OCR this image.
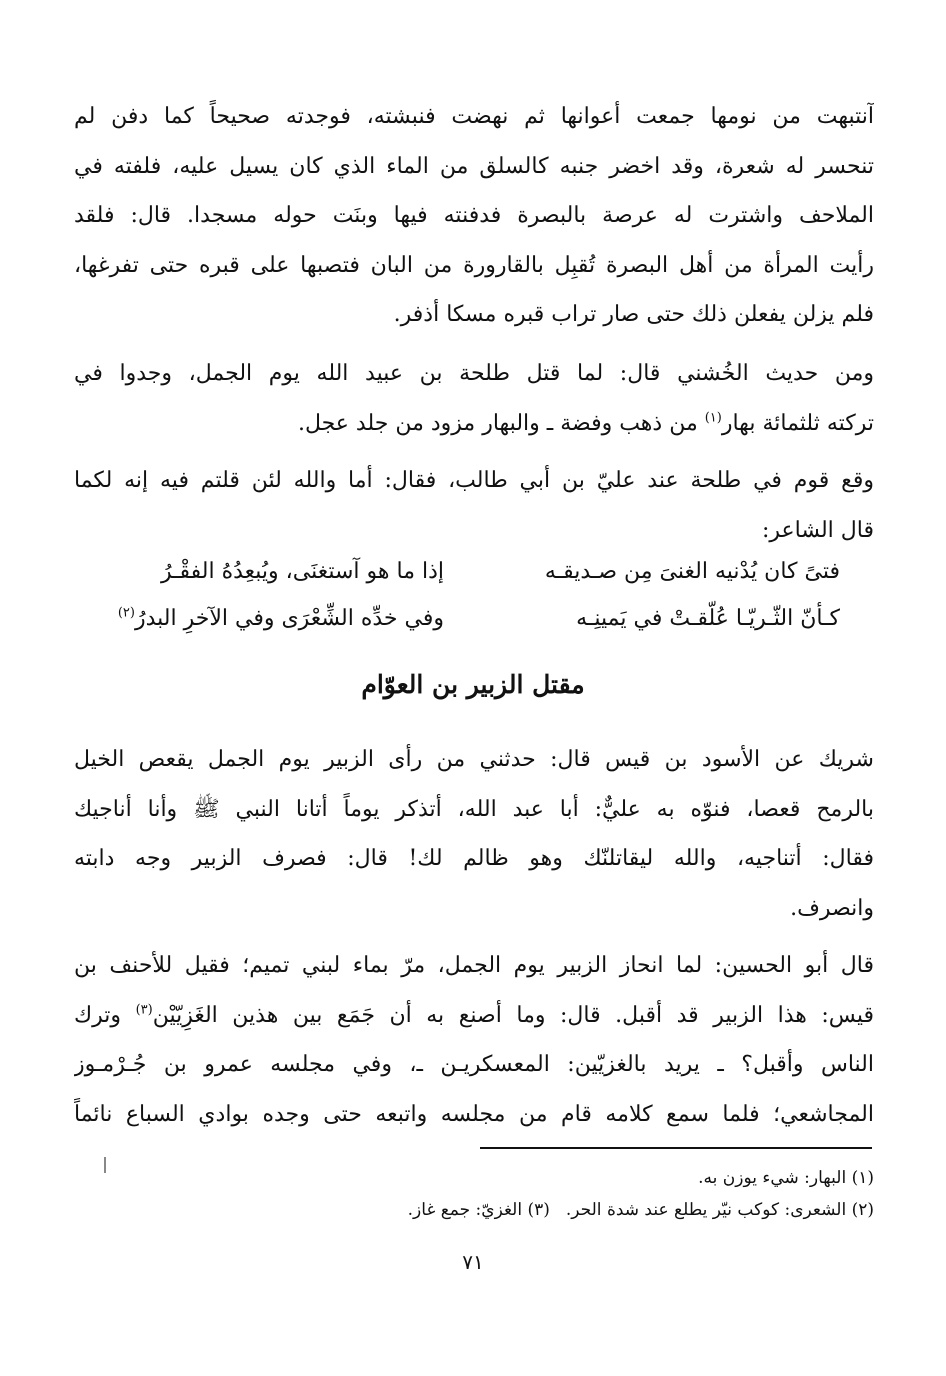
آنتبهت من نومها جمعت أعوانها ثم نهضت فنبشته، فوجدته صحيحاً كما دفن لم
تنحسر له شعرة، وقد اخضر جنبه كالسلق من الماء الذي كان يسيل عليه، فلفته في
الملاحف واشترت له عرصة بالبصرة فدفنته فيها وبنَت حوله مسجدا. قال: فلقد
رأيت المرأة من أهل البصرة تُقبِل بالقارورة من البان فتصبها على قبره حتى تفرغها،
فلم يزلن يفعلن ذلك حتى صار تراب قبره مسكا أذفر.
ومن حديث الخُشني قال: لما قتل طلحة بن عبيد الله يوم الجمل، وجدوا في
تركته ثلثمائة بهار$^{(١)}$ من ذهب وفضة ـ والبهار مزود من جلد عجل.
وقع قوم في طلحة عند عليّ بن أبي طالب، فقال: أما والله لئن قلتم فيه إنه لكما
قال الشاعر:
فتىً كان يُدْنيه الغنىَ مِن صـديقـه
إذا ما هو آستغنَى، ويُبعِدُهُ الفقْـرُ
كـأنّ الثّـريّـا عُلّقـتْ في يَمينِـه
وفي خدِّه الشِّعْرَى وفي الآخرِ البدرُ$^{(٢)}$
مقتل الزبير بن العوّام
شريك عن الأسود بن قيس قال: حدثني من رأى الزبير يوم الجمل يقعص الخيل
بالرمح قعصا، فنوّه به عليٌّ: أبا عبد الله، أتذكر يوماً أتانا النبي ﷺ وأنا أناجيك
فقال: أتناجيه، والله ليقاتلنّك وهو ظالم لك! قال: فصرف الزبير وجه دابته
وانصرف.
قال أبو الحسين: لما انحاز الزبير يوم الجمل، مرّ بماء لبني تميم؛ فقيل للأحنف بن
قيس: هذا الزبير قد أقبل. قال: وما أصنع به أن جَمَع بين هذين الغَزِيّيْن$^{(٣)}$ وترك
الناس وأقبل؟ ـ يريد بالغزيّين: المعسكريـن ـ، وفي مجلسه عمرو بن جُـرْمـوز
المجاشعي؛ فلما سمع كلامه قام من مجلسه واتبعه حتى وجده بوادي السباع نائماً
(١) البهار: شيء يوزن به.
(٢) الشعرى: كوكب نيّر يطلع عند شدة الحر.(٣) الغزيّ: جمع غاز.
٧١
